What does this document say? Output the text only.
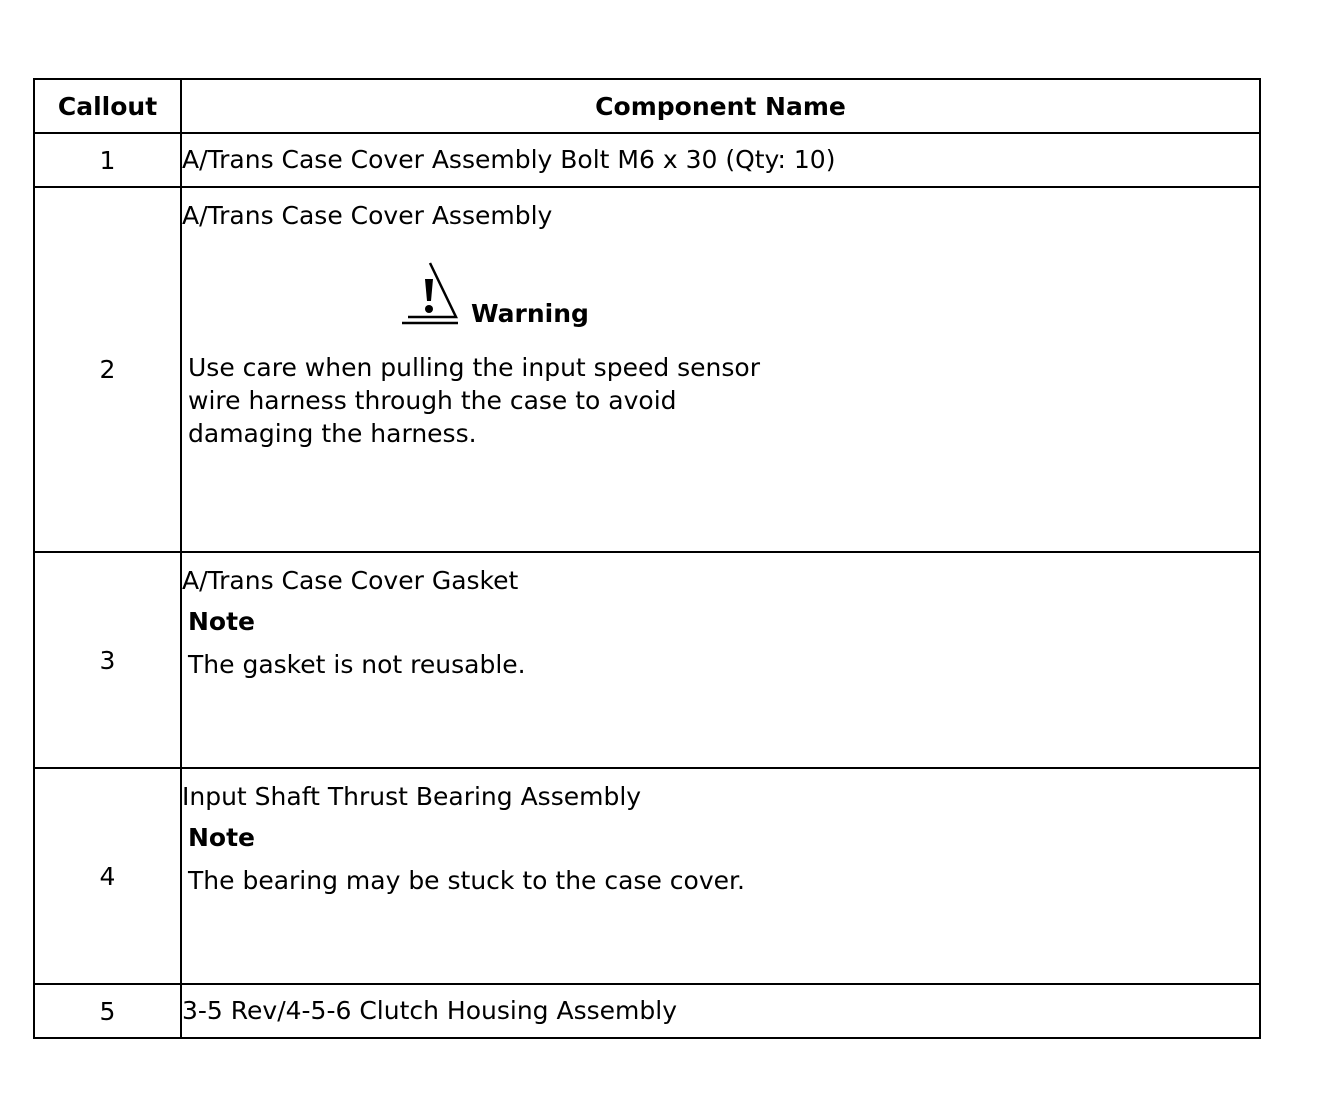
Callout	Component Name
1	A/Trans Case Cover Assembly Bolt M6 x 30 (Qty: 10)

2	A/Trans Case Cover Assembly
Warning
Use care when pulling the input speed sensor
wire harness through the case to avoid
damaging the harness.

3	A/Trans Case Cover Gasket
Note
The gasket is not reusable.

4	Input Shaft Thrust Bearing Assembly
Note
The bearing may be stuck to the case cover.

5	3-5 Rev/4-5-6 Clutch Housing Assembly
